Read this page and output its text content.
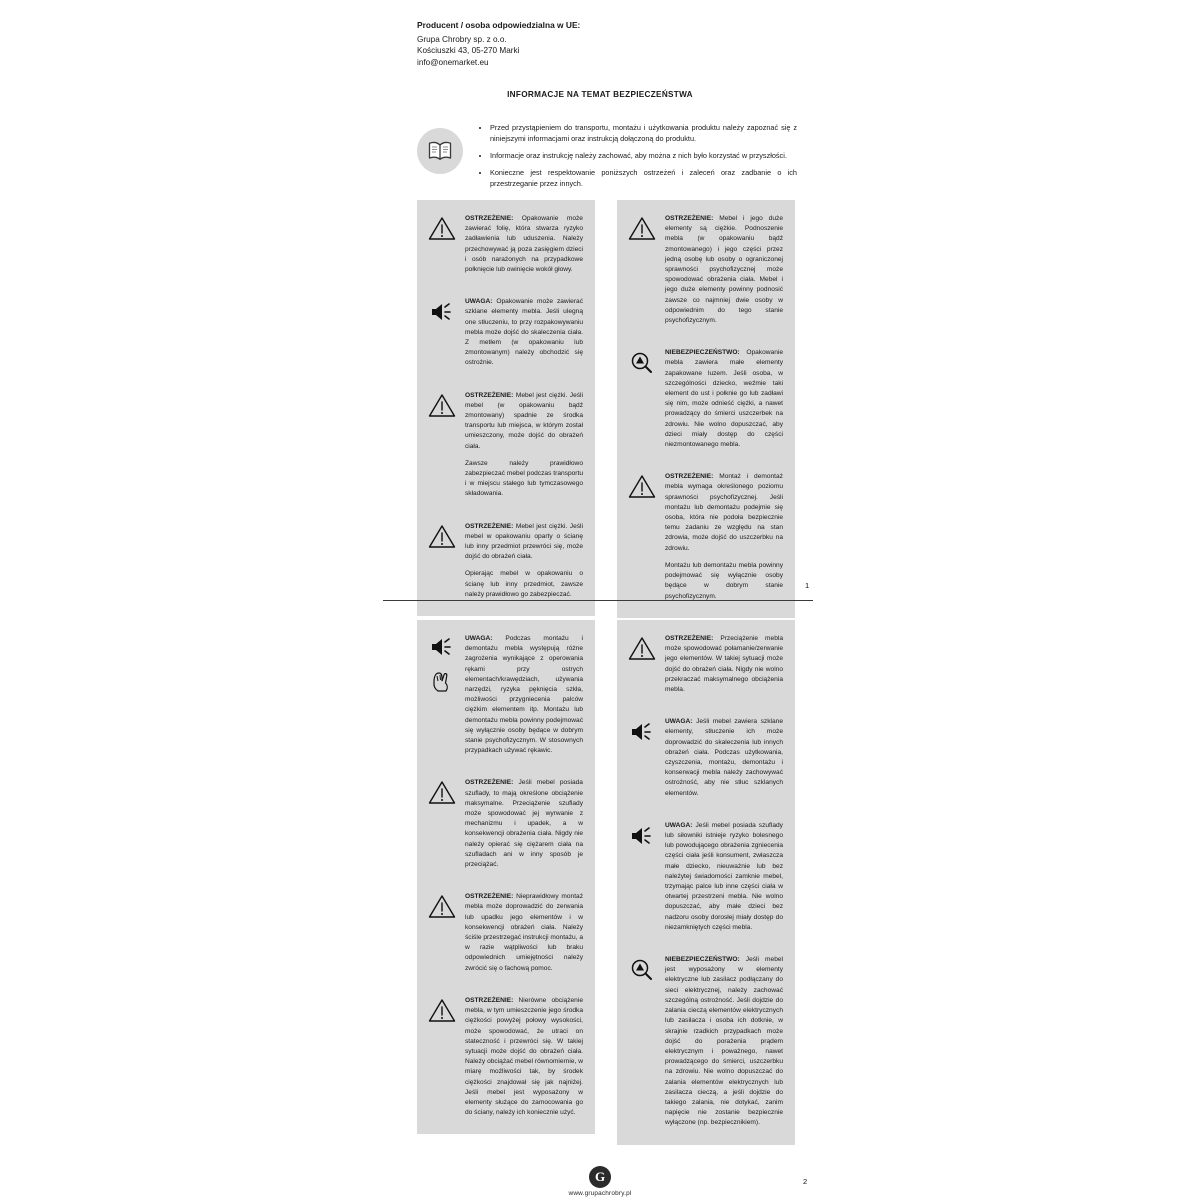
Producent / osoba odpowiedzialna w UE:
Grupa Chrobry sp. z o.o.
Kościuszki 43, 05-270 Marki
info@onemarket.eu
INFORMACJE NA TEMAT BEZPIECZEŃSTWA
• Przed przystąpieniem do transportu, montażu i użytkowania produktu należy zapoznać się z niniejszymi informacjami oraz instrukcją dołączoną do produktu.
• Informacje oraz instrukcję należy zachować, aby można z nich było korzystać w przyszłości.
• Konieczne jest respektowanie poniższych ostrzeżeń i zaleceń oraz zadbanie o ich przestrzeganie przez innych.

OSTRZEŻENIE: Opakowanie może zawierać folię, która stwarza ryzyko zadławienia lub uduszenia. Należy przechowywać ją poza zasięgiem dzieci i osób narażonych na przypadkowe połknięcie lub owinięcie wokół głowy.

UWAGA: Opakowanie może zawierać szklane elementy mebla. Jeśli ulegną one stłuczeniu, to przy rozpakowywaniu mebla może dojść do skaleczenia ciała. Z metłem (w opakowaniu lub zmontowanym) należy obchodzić się ostrożnie.

OSTRZEŻENIE: Mebel jest ciężki. Jeśli mebel (w opakowaniu bądź zmontowany) spadnie ze środka transportu lub miejsca, w którym został umieszczony, może dojść do obrażeń ciała.

Zawsze należy prawidłowo zabezpieczać mebel podczas transportu i w miejscu stałego lub tymczasowego składowania.

OSTRZEŻENIE: Mebel jest ciężki. Jeśli mebel w opakowaniu oparty o ścianę lub inny przedmiot przewróci się, może dojść do obrażeń ciała.

Opierając mebel w opakowaniu o ścianę lub inny przedmiot, zawsze należy prawidłowo go zabezpieczać.

OSTRZEŻENIE: Mebel i jego duże elementy są ciężkie. Podnoszenie mebla (w opakowaniu bądź zmontowanego) i jego części przez jedną osobę lub osoby o ograniczonej sprawności psychofizycznej może spowodować obrażenia ciała. Mebel i jego duże elementy powinny podnosić zawsze co najmniej dwie osoby w odpowiednim do tego stanie psychofizycznym.

NIEBEZPIECZEŃSTWO: Opakowanie mebla zawiera małe elementy zapakowane luzem. Jeśli osoba, w szczególności dziecko, weźmie taki element do ust i połknie go lub zadławi się nim, może odnieść ciężki, a nawet prowadzący do śmierci uszczerbek na zdrowiu. Nie wolno dopuszczać, aby dzieci miały dostęp do części niezmontowanego mebla.

OSTRZEŻENIE: Montaż i demontaż mebla wymaga określonego poziomu sprawności psychofizycznej. Jeśli montażu lub demontażu podejmie się osoba, która nie podoła bezpiecznie temu zadaniu ze względu na stan zdrowia, może dojść do uszczerbku na zdrowiu.

Montażu lub demontażu mebla powinny podejmować się wyłącznie osoby będące w dobrym stanie psychofizycznym.

1

UWAGA: Podczas montażu i demontażu mebla występują różne zagrożenia wynikające z operowania rękami przy ostrych elementach/krawędziach, używania narzędzi, ryzyka pęknięcia szkła, możliwości przygniecenia palców ciężkim elementem itp. Montażu lub demontażu mebla powinny podejmować się wyłącznie osoby będące w dobrym stanie psychofizycznym. W stosownych przypadkach używać rękawic.

OSTRZEŻENIE: Jeśli mebel posiada szuflady, to mają określone obciążenie maksymalne. Przeciążenie szuflady może spowodować jej wyrwanie z mechanizmu i upadek, a w konsekwencji obrażenia ciała. Nigdy nie należy opierać się ciężarem ciała na szufladach ani w inny sposób je przeciążać.

OSTRZEŻENIE: Nieprawidłowy montaż mebla może doprowadzić do zerwania lub upadku jego elementów i w konsekwencji obrażeń ciała. Należy ściśle przestrzegać instrukcji montażu, a w razie wątpliwości lub braku odpowiednich umiejętności należy zwrócić się o fachową pomoc.

OSTRZEŻENIE: Nierówne obciążenie mebla, w tym umieszczenie jego środka ciężkości powyżej połowy wysokości, może spowodować, że utraci on stateczność i przewróci się. W takiej sytuacji może dojść do obrażeń ciała. Należy obciążać mebel równomiernie, w miarę możliwości tak, by środek ciężkości znajdował się jak najniżej. Jeśli mebel jest wyposażony w elementy służące do zamocowania go do ściany, należy ich koniecznie użyć.

OSTRZEŻENIE: Przeciążenie mebla może spowodować połamanie/zerwanie jego elementów. W takiej sytuacji może dojść do obrażeń ciała. Nigdy nie wolno przekraczać maksymalnego obciążenia mebla.

UWAGA: Jeśli mebel zawiera szklane elementy, stłuczenie ich może doprowadzić do skaleczenia lub innych obrażeń ciała. Podczas użytkowania, czyszczenia, montażu, demontażu i konserwacji mebla należy zachowywać ostrożność, aby nie stłuc szklanych elementów.

UWAGA: Jeśli mebel posiada szuflady lub siłowniki istnieje ryzyko bolesnego lub powodującego obrażenia zgniecenia części ciała jeśli konsument, zwłaszcza małe dziecko, nieuważnie lub bez należytej świadomości zamknie mebel, trzymając palce lub inne części ciała w otwartej przestrzeni mebla. Nie wolno dopuszczać, aby małe dzieci bez nadzoru osoby dorosłej miały dostęp do niezamkniętych części mebla.

NIEBEZPIECZEŃSTWO: Jeśli mebel jest wyposażony w elementy elektryczne lub zasilacz podłączany do sieci elektrycznej, należy zachować szczególną ostrożność. Jeśli dojdzie do zalania cieczą elementów elektrycznych lub zasilacza i osoba ich dotknie, w skrajnie rzadkich przypadkach może dojść do porażenia prądem elektrycznym i poważnego, nawet prowadzącego do śmierci, uszczerbku na zdrowiu. Nie wolno dopuszczać do zalania elementów elektrycznych lub zasilacza cieczą, a jeśli dojdzie do takiego zalania, nie dotykać, zanim napięcie nie zostanie bezpiecznie wyłączone (np. bezpiecznikiem).

2
G
www.grupachrobry.pl
